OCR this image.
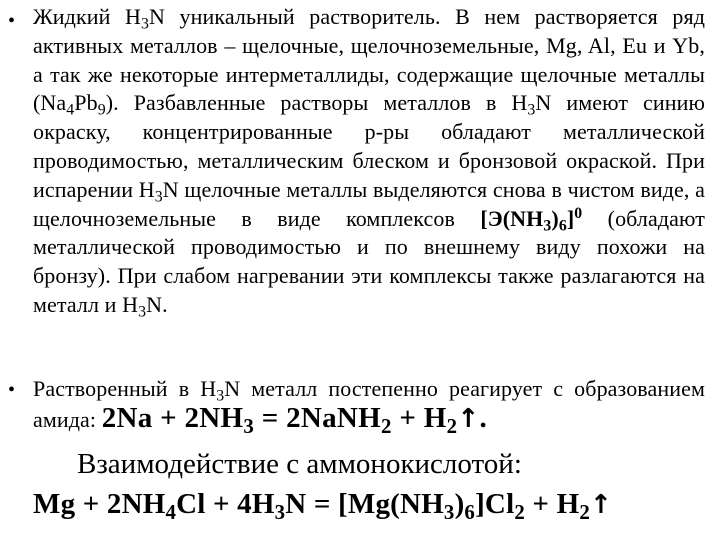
• Жидкий $H_3N$ уникальный растворитель. В нем растворяется ряд активных металлов – щелочные, щелочноземельные, Mg, Al, Eu и Yb, а так же некоторые интерметаллиды, содержащие щелочные металлы $(Na_4Pb_9)$. Разбавленные растворы металлов в $H_3N$ имеют синию окраску, концентрированные р-ры обладают металлической проводимостью, металлическим блеском и бронзовой окраской. При испарении $H_3N$ щелочные металлы выделяются снова в чистом виде, а щелочноземельные в виде комплексов $[Э(NH_3)_6]^0$ (обладают металлической проводимостью и по внешнему виду похожи на бронзу). При слабом нагревании эти комплексы также разлагаются на металл и $H_3N$.
• Растворенный в $H_3N$ металл постепенно реагирует с образованием амида: $2Na + 2NH_3$ = 2NaNH$_2$ + $H_2↑$.
Взаимодействие с аммонокислотой:
$Mg + 2NH_4Cl + 4H_3N = [Mg(NH_3)_6]Cl_2$ + $H_2↑$
